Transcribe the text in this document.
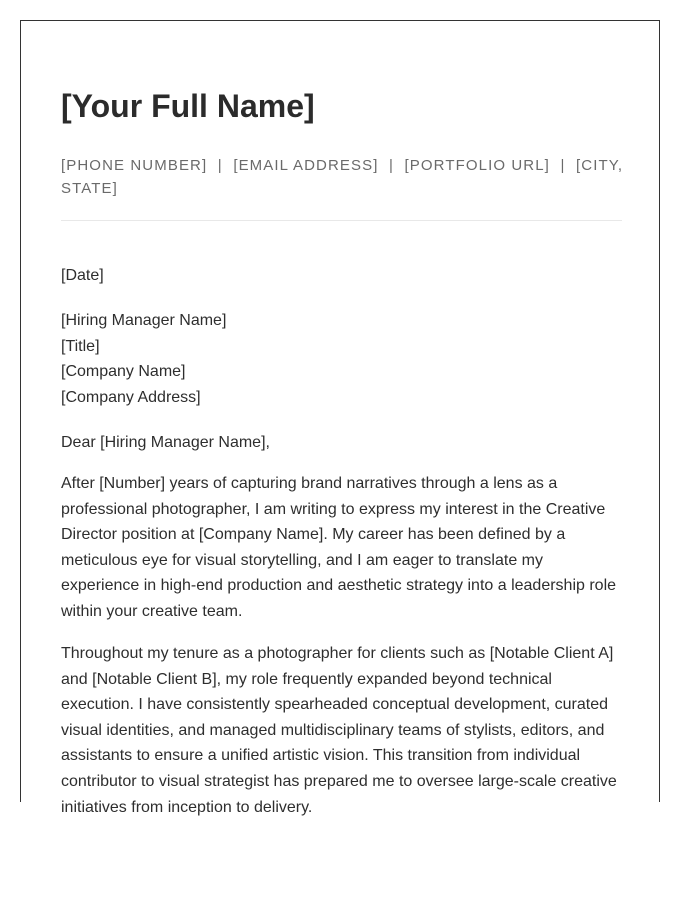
[Your Full Name]
[PHONE NUMBER]  |  [EMAIL ADDRESS]  |  [PORTFOLIO URL]  |  [CITY,
STATE]
[Date]
[Hiring Manager Name]
[Title]
[Company Name]
[Company Address]
Dear [Hiring Manager Name],
After [Number] years of capturing brand narratives through a lens as a
professional photographer, I am writing to express my interest in the Creative
Director position at [Company Name]. My career has been defined by a
meticulous eye for visual storytelling, and I am eager to translate my
experience in high-end production and aesthetic strategy into a leadership role
within your creative team.
Throughout my tenure as a photographer for clients such as [Notable Client A]
and [Notable Client B], my role frequently expanded beyond technical
execution. I have consistently spearheaded conceptual development, curated
visual identities, and managed multidisciplinary teams of stylists, editors, and
assistants to ensure a unified artistic vision. This transition from individual
contributor to visual strategist has prepared me to oversee large-scale creative
initiatives from inception to delivery.
